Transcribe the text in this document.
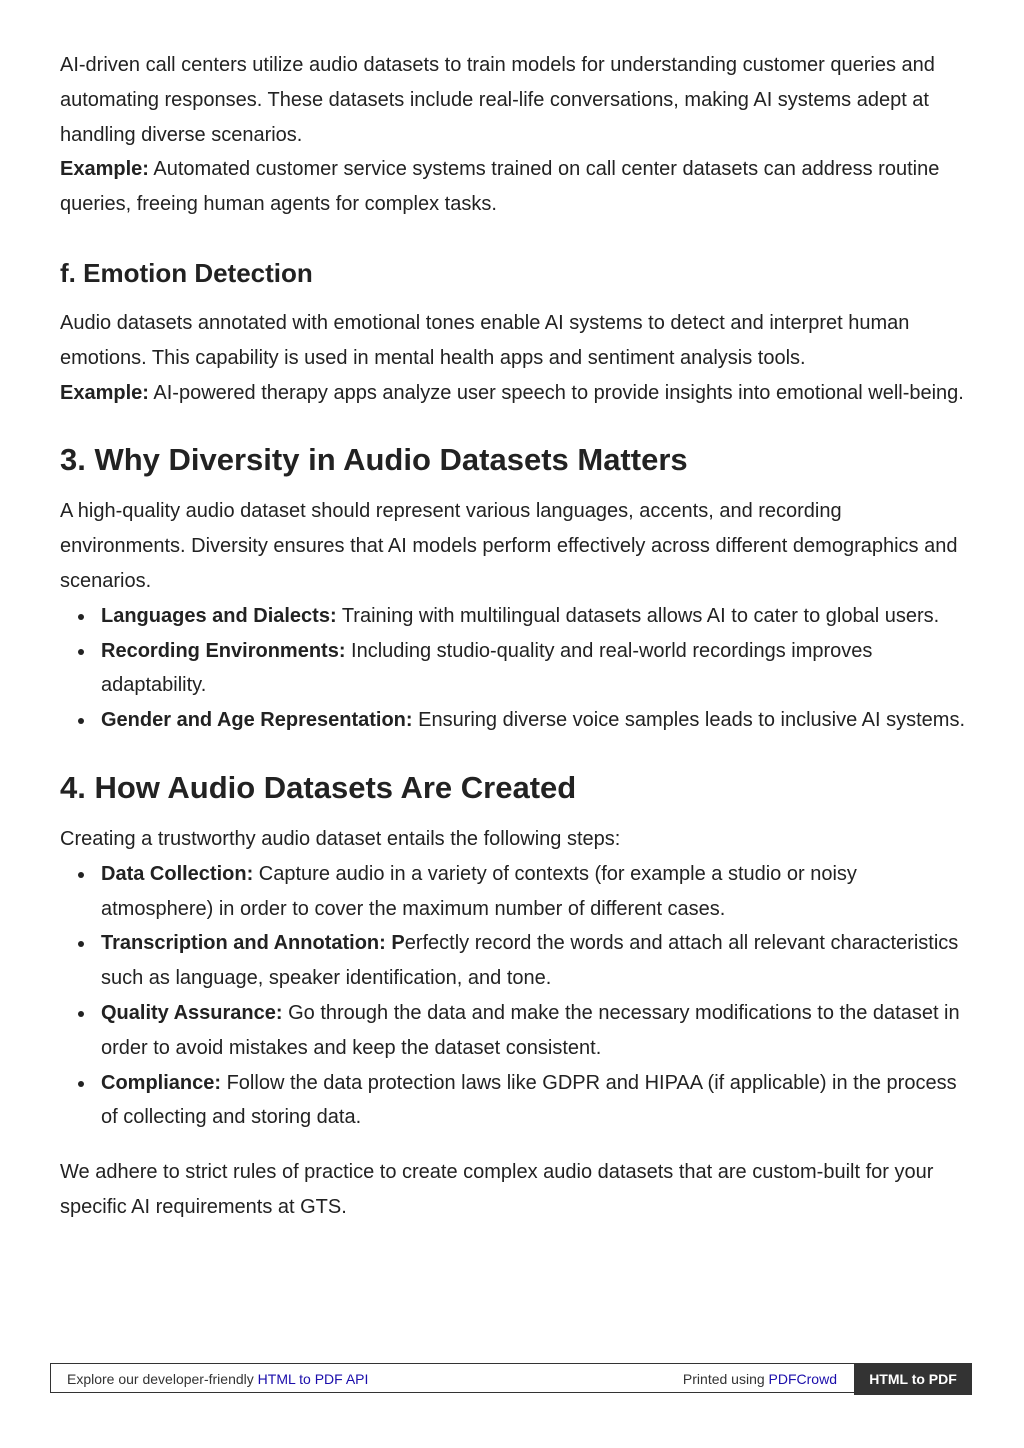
AI-driven call centers utilize audio datasets to train models for understanding customer queries and automating responses. These datasets include real-life conversations, making AI systems adept at handling diverse scenarios.
Example: Automated customer service systems trained on call center datasets can address routine queries, freeing human agents for complex tasks.

f. Emotion Detection

Audio datasets annotated with emotional tones enable AI systems to detect and interpret human emotions. This capability is used in mental health apps and sentiment analysis tools.
Example: AI-powered therapy apps analyze user speech to provide insights into emotional well-being.

3. Why Diversity in Audio Datasets Matters

A high-quality audio dataset should represent various languages, accents, and recording environments. Diversity ensures that AI models perform effectively across different demographics and scenarios.

Languages and Dialects: Training with multilingual datasets allows AI to cater to global users.
Recording Environments: Including studio-quality and real-world recordings improves adaptability.
Gender and Age Representation: Ensuring diverse voice samples leads to inclusive AI systems.
4. How Audio Datasets Are Created

Creating a trustworthy audio dataset entails the following steps:

Data Collection: Capture audio in a variety of contexts (for example a studio or noisy atmosphere) in order to cover the maximum number of different cases.
Transcription and Annotation: Perfectly record the words and attach all relevant characteristics such as language, speaker identification, and tone.
Quality Assurance: Go through the data and make the necessary modifications to the dataset in order to avoid mistakes and keep the dataset consistent.
Compliance: Follow the data protection laws like GDPR and HIPAA (if applicable) in the process of collecting and storing data.

We adhere to strict rules of practice to create complex audio datasets that are custom-built for your specific AI requirements at GTS.

Explore our developer-friendly HTML to PDF API	Printed using PDFCrowd	HTML to PDF
